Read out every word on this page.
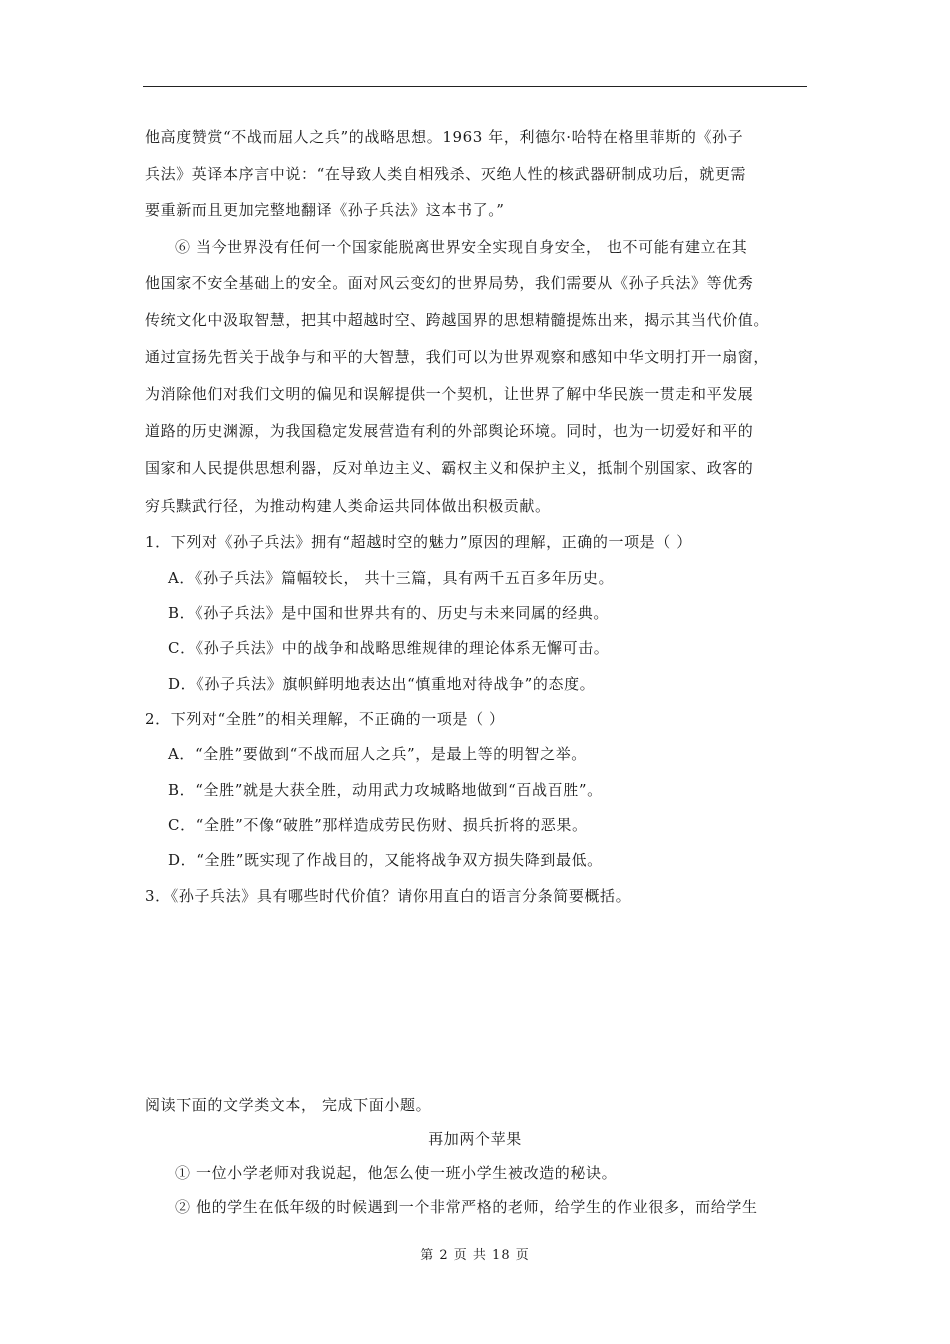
他高度赞赏“不战而屈人之兵”的战略思想。1963 年，利德尔·哈特在格里菲斯的《孙子
兵法》英译本序言中说：“在导致人类自相残杀、灭绝人性的核武器研制成功后，就更需
要重新而且更加完整地翻译《孙子兵法》这本书了。”
⑥ 当今世界没有任何一个国家能脱离世界安全实现自身安全， 也不可能有建立在其
他国家不安全基础上的安全。面对风云变幻的世界局势，我们需要从《孙子兵法》等优秀
传统文化中汲取智慧，把其中超越时空、跨越国界的思想精髓提炼出来，揭示其当代价值。
通过宣扬先哲关于战争与和平的大智慧，我们可以为世界观察和感知中华文明打开一扇窗，
为消除他们对我们文明的偏见和误解提供一个契机，让世界了解中华民族一贯走和平发展
道路的历史渊源，为我国稳定发展营造有利的外部舆论环境。同时，也为一切爱好和平的
国家和人民提供思想利器，反对单边主义、霸权主义和保护主义，抵制个别国家、政客的
穷兵黩武行径，为推动构建人类命运共同体做出积极贡献。
1．下列对《孙子兵法》拥有“超越时空的魅力”原因的理解，正确的一项是（ ）
A．《孙子兵法》篇幅较长， 共十三篇，具有两千五百多年历史。
B．《孙子兵法》是中国和世界共有的、历史与未来同属的经典。
C．《孙子兵法》中的战争和战略思维规律的理论体系无懈可击。
D．《孙子兵法》旗帜鲜明地表达出“慎重地对待战争”的态度。
2．下列对“全胜”的相关理解，不正确的一项是（ ）
A．“全胜”要做到“不战而屈人之兵”，是最上等的明智之举。
B．“全胜”就是大获全胜，动用武力攻城略地做到“百战百胜”。
C．“全胜”不像“破胜”那样造成劳民伤财、损兵折将的恶果。
D．“全胜”既实现了作战目的，又能将战争双方损失降到最低。
3．《孙子兵法》具有哪些时代价值？请你用直白的语言分条简要概括。
阅读下面的文学类文本， 完成下面小题。
再加两个苹果
① 一位小学老师对我说起，他怎么使一班小学生被改造的秘诀。
② 他的学生在低年级的时候遇到一个非常严格的老师，给学生的作业很多，而给学生
第 2 页 共 18 页
